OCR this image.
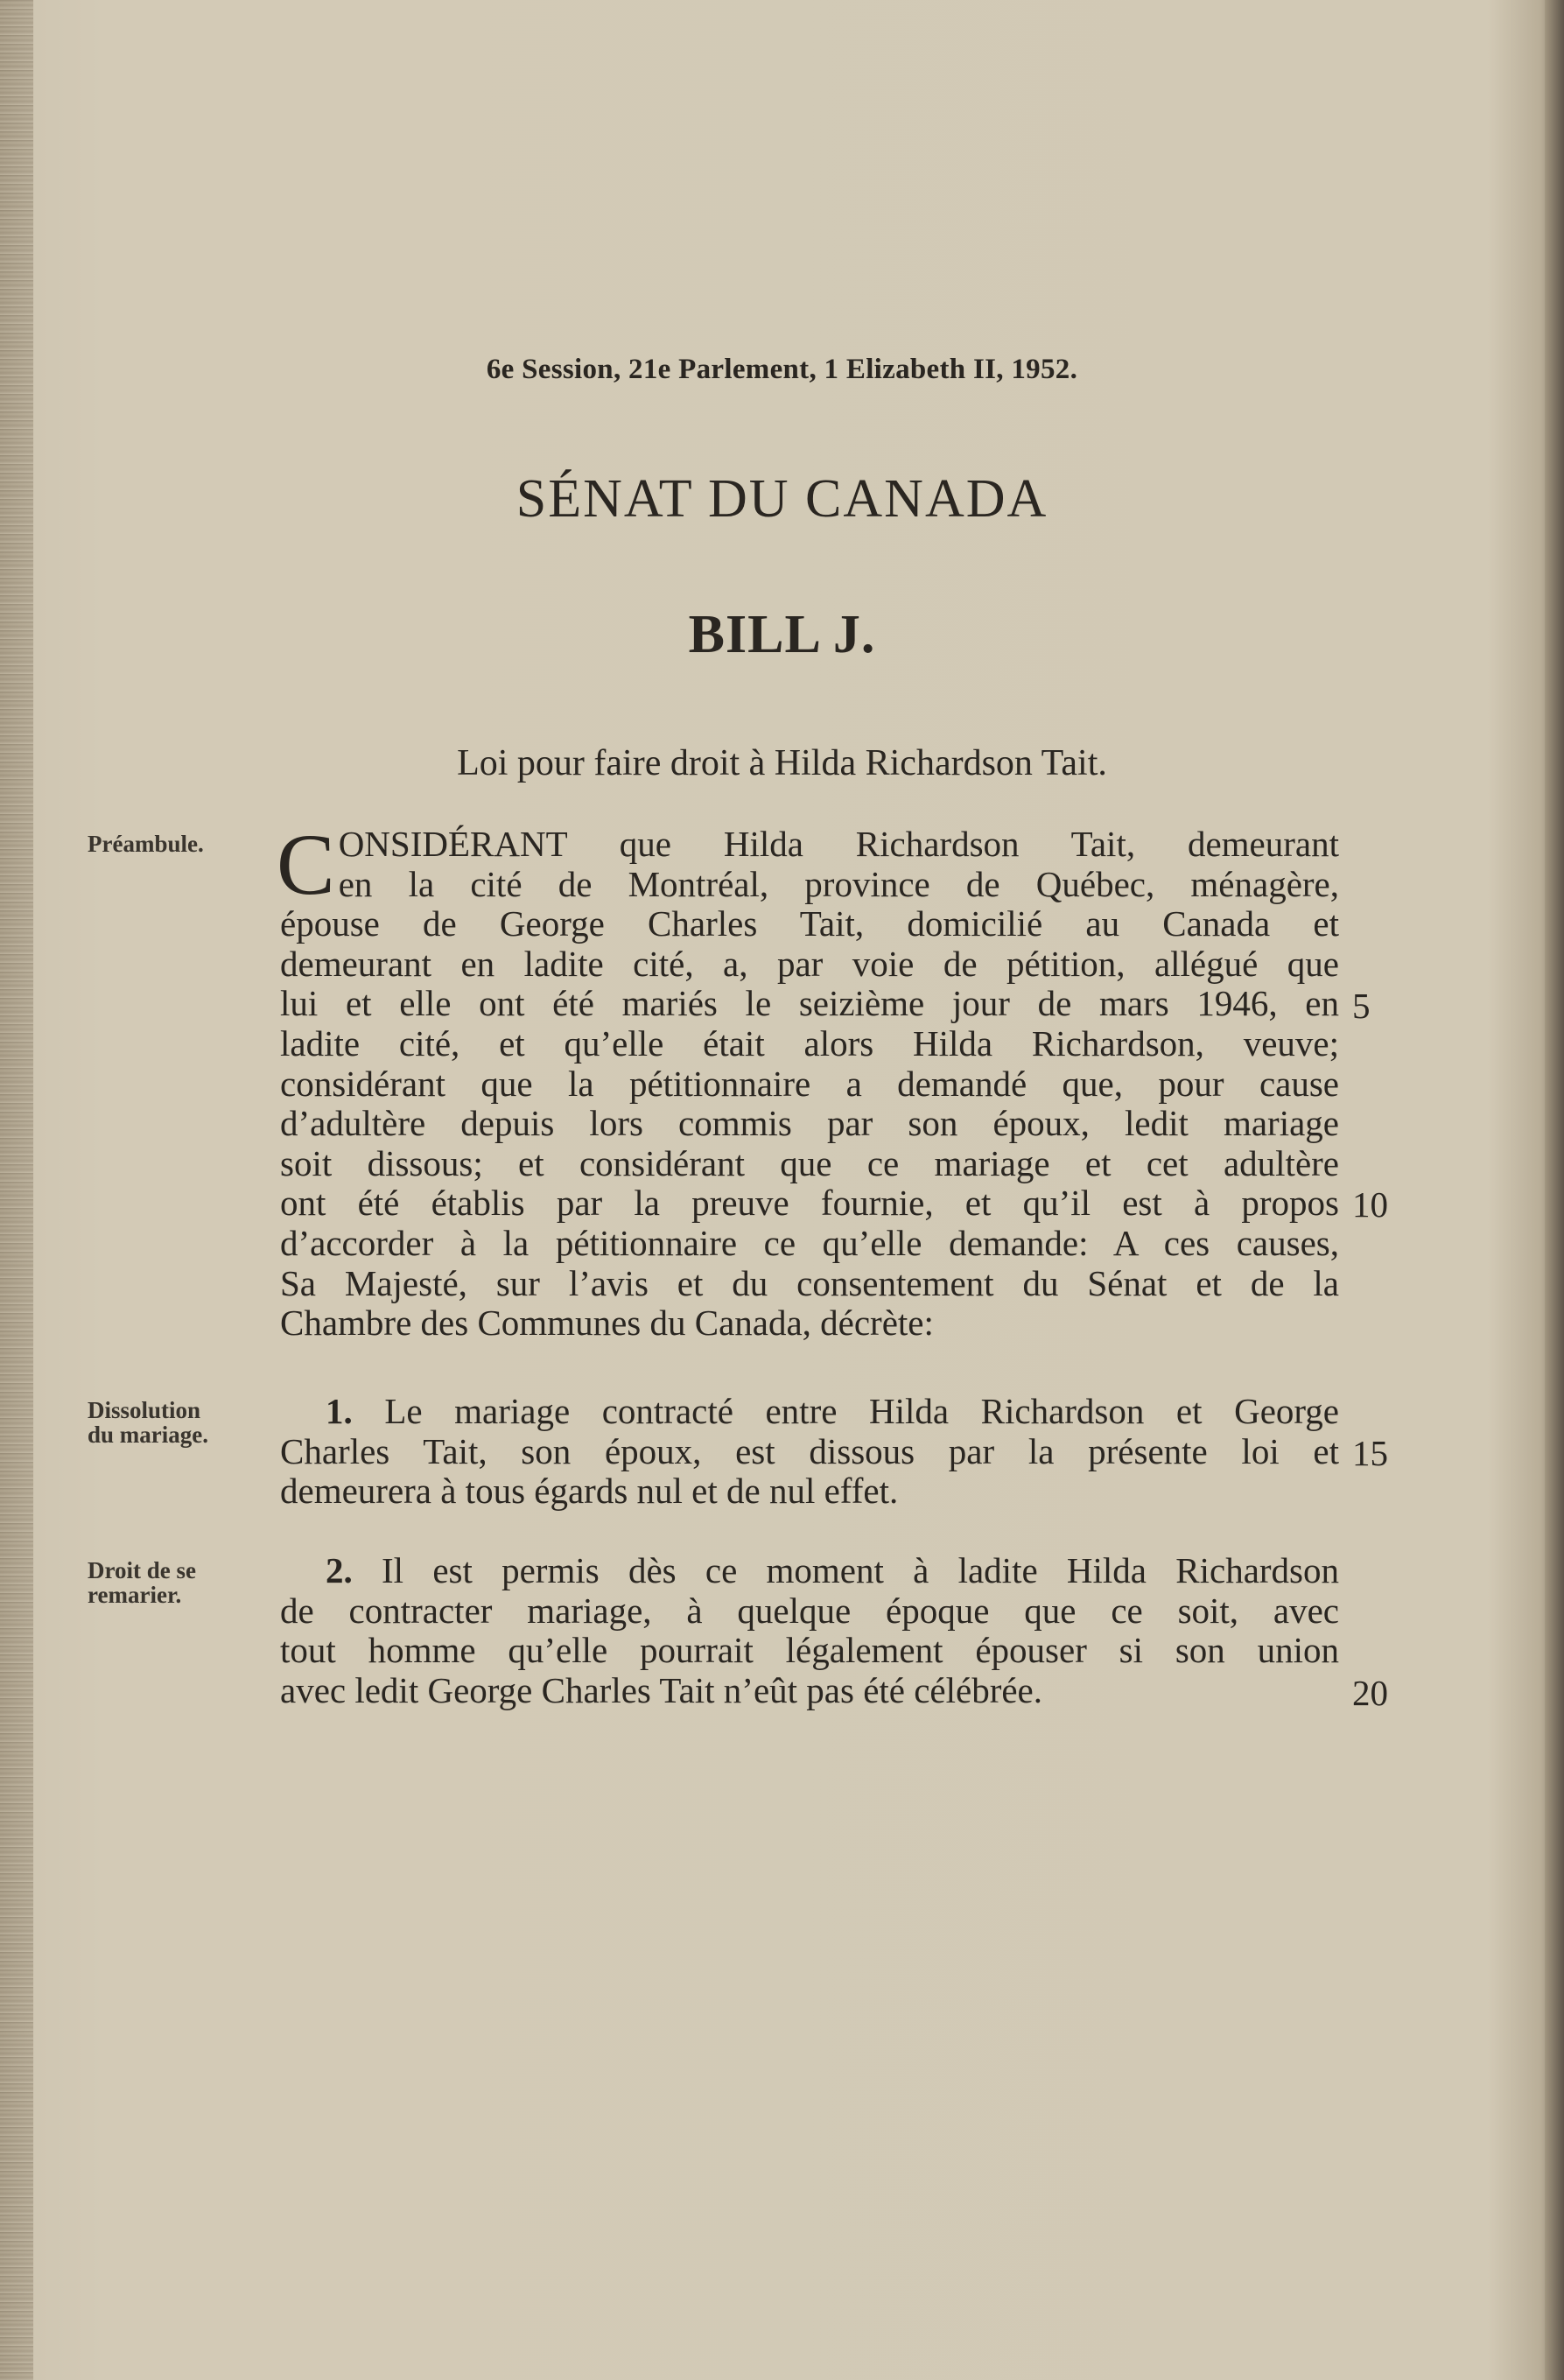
6e Session, 21e Parlement, 1 Elizabeth II, 1952.
SÉNAT DU CANADA
BILL J.
Loi pour faire droit à Hilda Richardson Tait.
Préambule.
Dissolution
du mariage.
Droit de se
remarier.
C ONSIDÉRANT que Hilda Richardson Tait, demeurant
en la cité de Montréal, province de Québec, ménagère,
épouse de George Charles Tait, domicilié au Canada et
demeurant en ladite cité, a, par voie de pétition, allégué que
lui et elle ont été mariés le seizième jour de mars 1946, en
ladite cité, et qu’elle était alors Hilda Richardson, veuve;
considérant que la pétitionnaire a demandé que, pour cause
d’adultère depuis lors commis par son époux, ledit mariage
soit dissous; et considérant que ce mariage et cet adultère
ont été établis par la preuve fournie, et qu’il est à propos
d’accorder à la pétitionnaire ce qu’elle demande: A ces causes,
Sa Majesté, sur l’avis et du consentement du Sénat et de la
Chambre des Communes du Canada, décrète:
1. Le mariage contracté entre Hilda Richardson et George
Charles Tait, son époux, est dissous par la présente loi et
demeurera à tous égards nul et de nul effet.
2. Il est permis dès ce moment à ladite Hilda Richardson
de contracter mariage, à quelque époque que ce soit, avec
tout homme qu’elle pourrait légalement épouser si son union
avec ledit George Charles Tait n’eût pas été célébrée.
5
10
15
20
